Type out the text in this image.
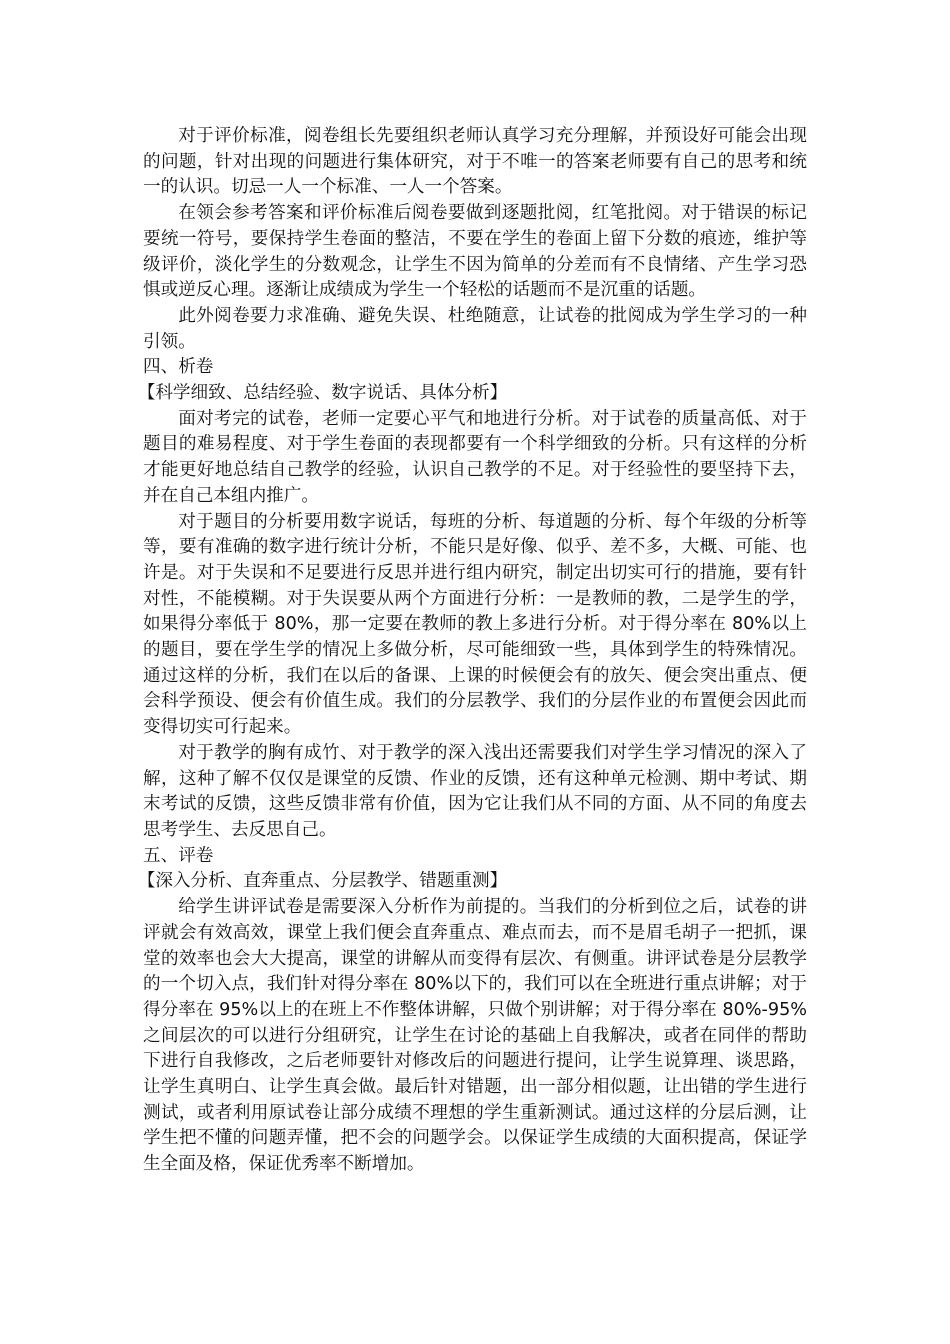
对于评价标准，阅卷组长先要组织老师认真学习充分理解，并预设好可能会出现的问题，针对出现的问题进行集体研究，对于不唯一的答案老师要有自己的思考和统一的认识。切忌一人一个标准、一人一个答案。

在领会参考答案和评价标准后阅卷要做到逐题批阅，红笔批阅。对于错误的标记要统一符号，要保持学生卷面的整洁，不要在学生的卷面上留下分数的痕迹，维护等级评价，淡化学生的分数观念，让学生不因为简单的分差而有不良情绪、产生学习恐惧或逆反心理。逐渐让成绩成为学生一个轻松的话题而不是沉重的话题。

此外阅卷要力求准确、避免失误、杜绝随意，让试卷的批阅成为学生学习的一种引领。

四、析卷

【科学细致、总结经验、数字说话、具体分析】

面对考完的试卷，老师一定要心平气和地进行分析。对于试卷的质量高低、对于题目的难易程度、对于学生卷面的表现都要有一个科学细致的分析。只有这样的分析才能更好地总结自己教学的经验，认识自己教学的不足。对于经验性的要坚持下去，并在自己本组内推广。

对于题目的分析要用数字说话，每班的分析、每道题的分析、每个年级的分析等等，要有准确的数字进行统计分析，不能只是好像、似乎、差不多，大概、可能、也许是。对于失误和不足要进行反思并进行组内研究，制定出切实可行的措施，要有针对性，不能模糊。对于失误要从两个方面进行分析：一是教师的教，二是学生的学，如果得分率低于 80%，那一定要在教师的教上多进行分析。对于得分率在 80%以上的题目，要在学生学的情况上多做分析，尽可能细致一些，具体到学生的特殊情况。通过这样的分析，我们在以后的备课、上课的时候便会有的放矢、便会突出重点、便会科学预设、便会有价值生成。我们的分层教学、我们的分层作业的布置便会因此而变得切实可行起来。

对于教学的胸有成竹、对于教学的深入浅出还需要我们对学生学习情况的深入了解，这种了解不仅仅是课堂的反馈、作业的反馈，还有这种单元检测、期中考试、期末考试的反馈，这些反馈非常有价值，因为它让我们从不同的方面、从不同的角度去思考学生、去反思自己。

五、评卷

【深入分析、直奔重点、分层教学、错题重测】

给学生讲评试卷是需要深入分析作为前提的。当我们的分析到位之后，试卷的讲评就会有效高效，课堂上我们便会直奔重点、难点而去，而不是眉毛胡子一把抓，课堂的效率也会大大提高，课堂的讲解从而变得有层次、有侧重。讲评试卷是分层教学的一个切入点，我们针对得分率在 80%以下的，我们可以在全班进行重点讲解；对于得分率在 95%以上的在班上不作整体讲解，只做个别讲解；对于得分率在 80%-95%之间层次的可以进行分组研究，让学生在讨论的基础上自我解决，或者在同伴的帮助下进行自我修改，之后老师要针对修改后的问题进行提问，让学生说算理、谈思路，让学生真明白、让学生真会做。最后针对错题，出一部分相似题，让出错的学生进行测试，或者利用原试卷让部分成绩不理想的学生重新测试。通过这样的分层后测，让学生把不懂的问题弄懂，把不会的问题学会。以保证学生成绩的大面积提高，保证学生全面及格，保证优秀率不断增加。
